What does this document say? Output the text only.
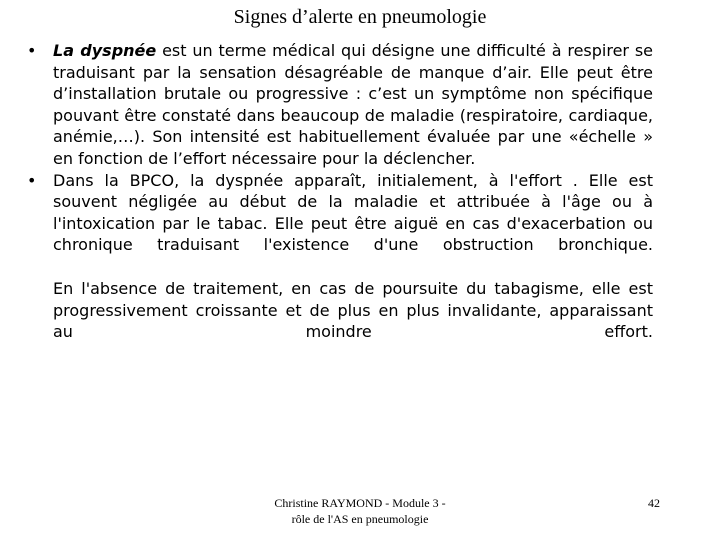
Signes d’alerte en pneumologie

• La dyspnée est un terme médical qui désigne une difficulté à respirer se traduisant par la sensation désagréable de manque d’air. Elle peut être d’installation brutale ou progressive : c’est un symptôme non spécifique pouvant être constaté dans beaucoup de maladie (respiratoire, cardiaque, anémie,…). Son intensité est habituellement évaluée par une «échelle » en fonction de l’effort nécessaire pour la déclencher.

• Dans la BPCO, la dyspnée apparaît, initialement, à l'effort . Elle est souvent négligée au début de la maladie et attribuée à l'âge ou à l'intoxication par le tabac. Elle peut être aiguë en cas d'exacerbation ou chronique traduisant l'existence d'une obstruction bronchique.

En l'absence de traitement, en cas de poursuite du tabagisme, elle est progressivement croissante et de plus en plus invalidante, apparaissant au moindre effort.

Christine RAYMOND - Module 3 -
rôle de l'AS en pneumologie
42
